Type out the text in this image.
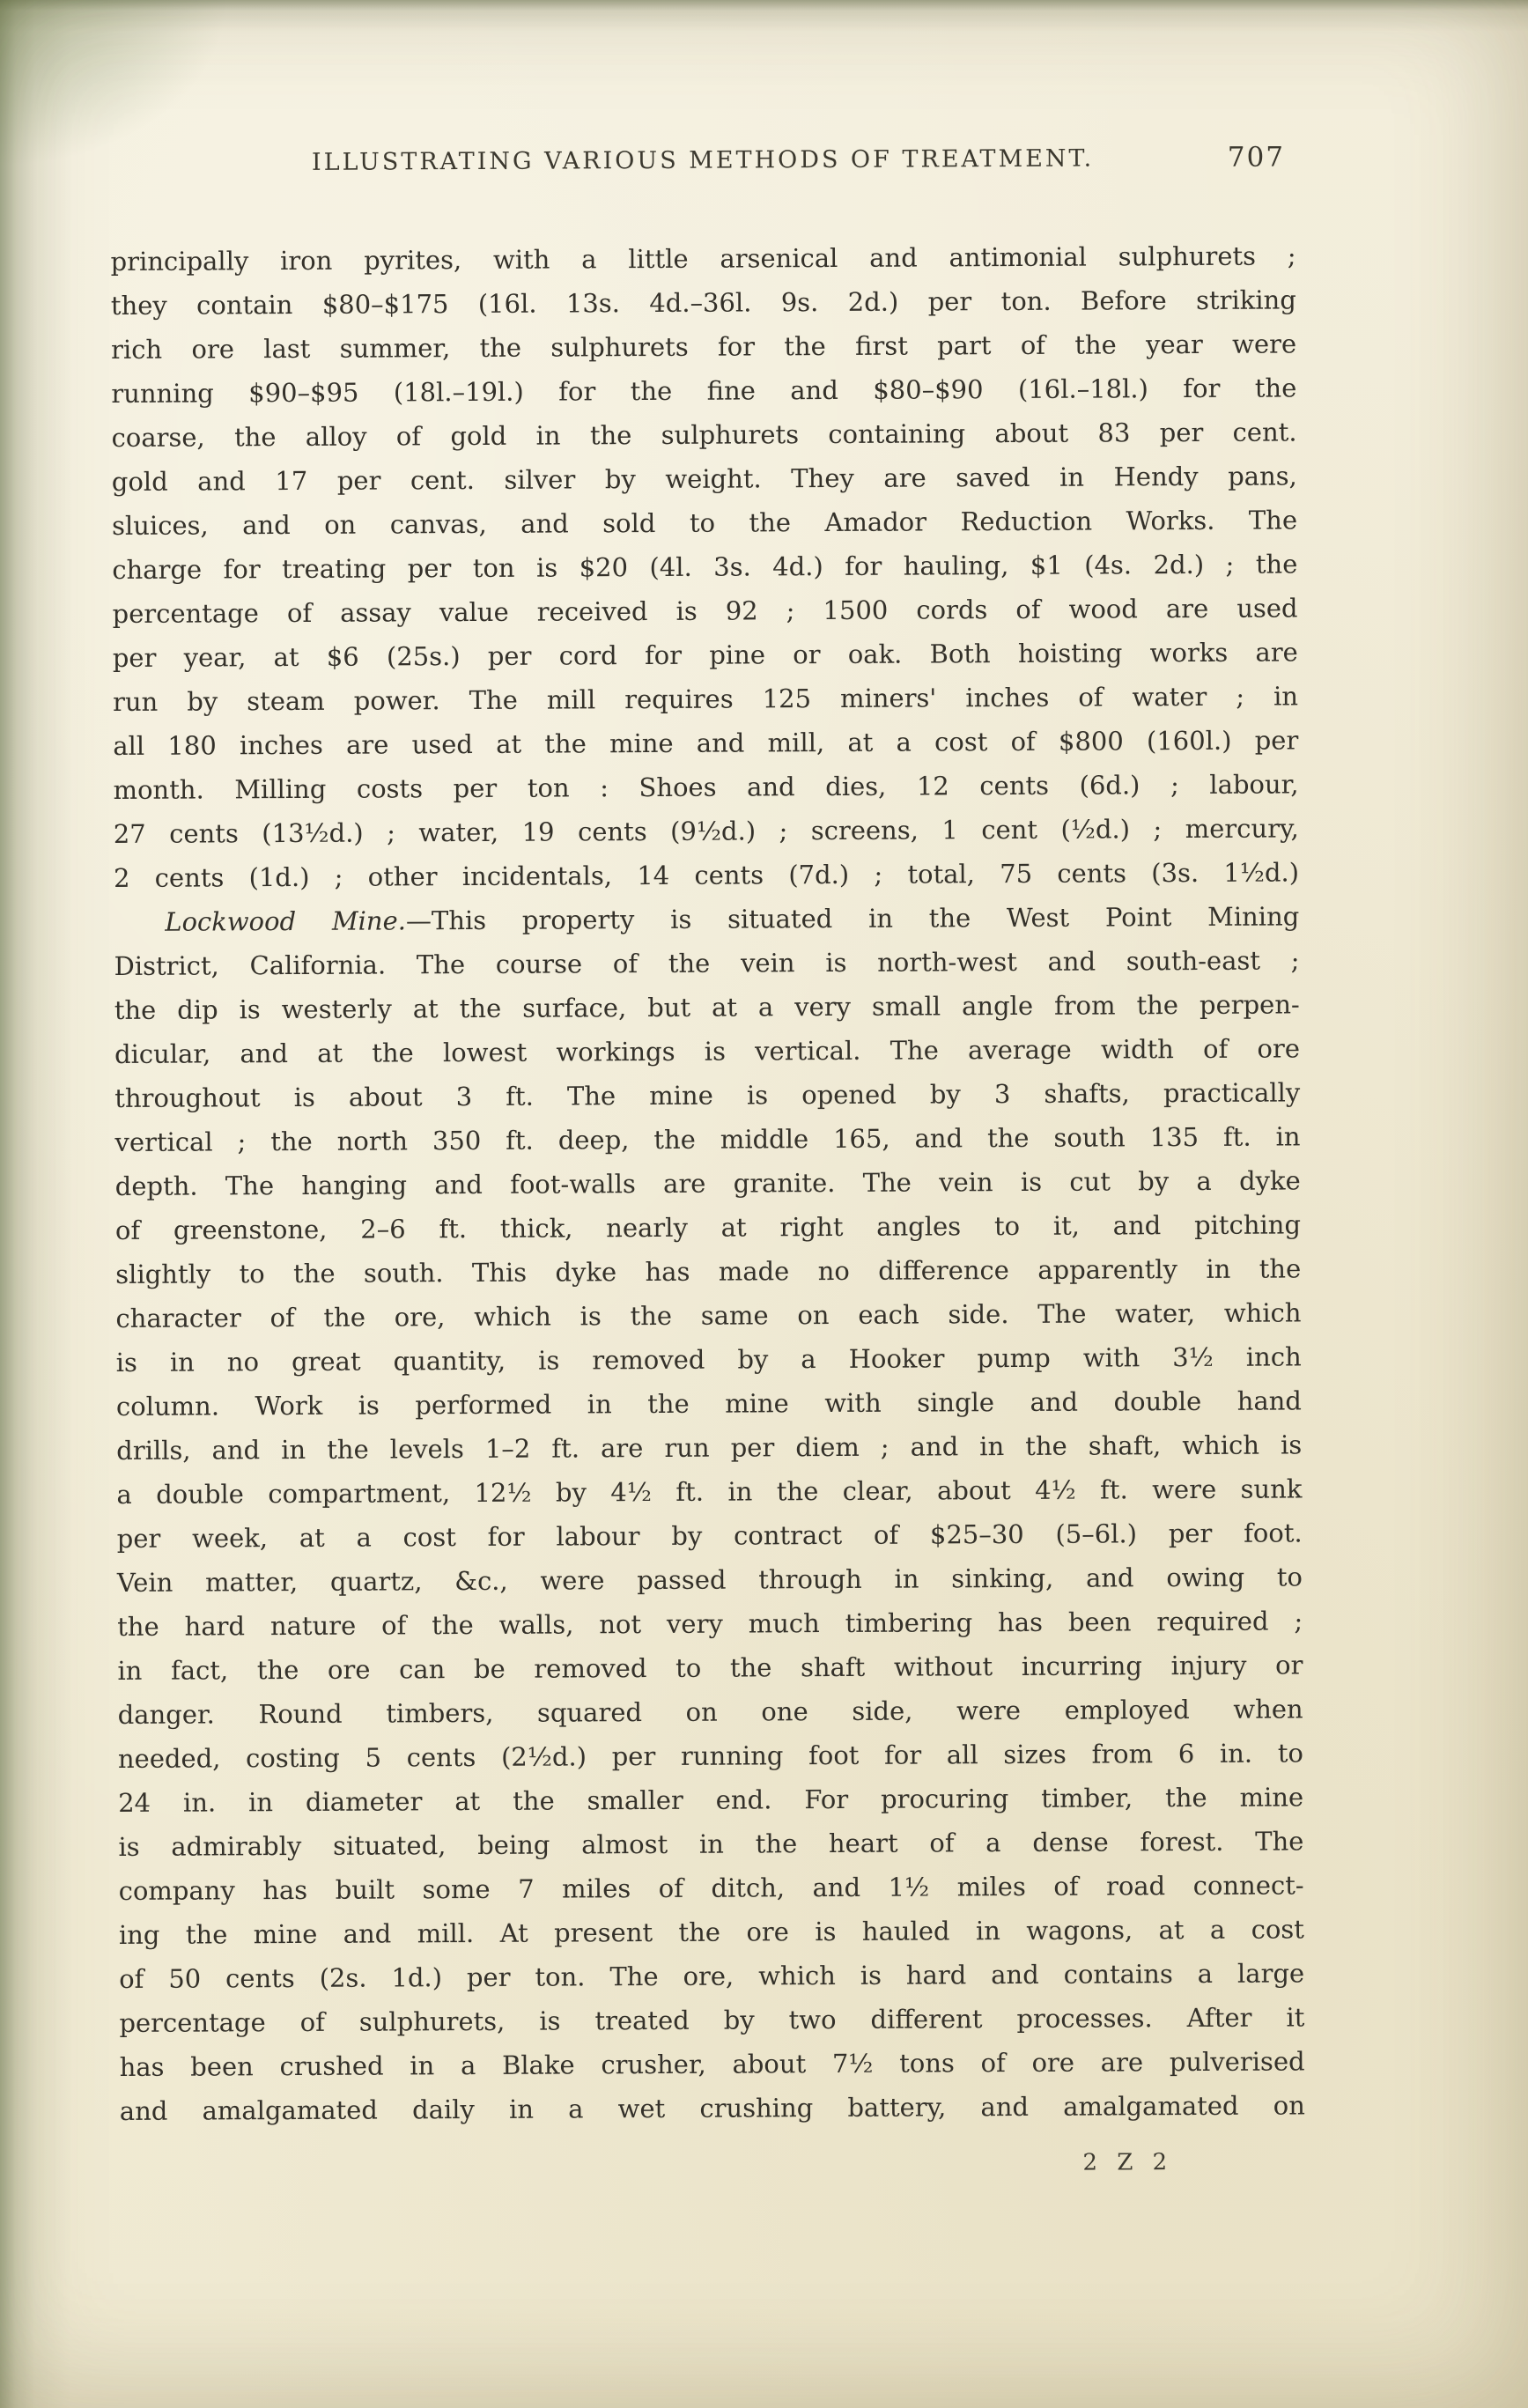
ILLUSTRATING VARIOUS METHODS OF TREATMENT.	707
principally iron pyrites, with a little arsenical and antimonial sulphurets ;
they contain $80–$175 (16l. 13s. 4d.–36l. 9s. 2d.) per ton. Before striking
rich ore last summer, the sulphurets for the first part of the year were
running $90–$95 (18l.–19l.) for the fine and $80–$90 (16l.–18l.) for the
coarse, the alloy of gold in the sulphurets containing about 83 per cent.
gold and 17 per cent. silver by weight. They are saved in Hendy pans,
sluices, and on canvas, and sold to the Amador Reduction Works. The
charge for treating per ton is $20 (4l. 3s. 4d.) for hauling, $1 (4s. 2d.) ; the
percentage of assay value received is 92 ; 1500 cords of wood are used
per year, at $6 (25s.) per cord for pine or oak. Both hoisting works are
run by steam power. The mill requires 125 miners' inches of water ; in
all 180 inches are used at the mine and mill, at a cost of $800 (160l.) per
month. Milling costs per ton : Shoes and dies, 12 cents (6d.) ; labour,
27 cents (13½d.) ; water, 19 cents (9½d.) ; screens, 1 cent (½d.) ; mercury,
2 cents (1d.) ; other incidentals, 14 cents (7d.) ; total, 75 cents (3s. 1½d.)
Lockwood Mine.—This property is situated in the West Point Mining
District, California. The course of the vein is north-west and south-east ;
the dip is westerly at the surface, but at a very small angle from the perpen-
dicular, and at the lowest workings is vertical. The average width of ore
throughout is about 3 ft. The mine is opened by 3 shafts, practically
vertical ; the north 350 ft. deep, the middle 165, and the south 135 ft. in
depth. The hanging and foot-walls are granite. The vein is cut by a dyke
of greenstone, 2–6 ft. thick, nearly at right angles to it, and pitching
slightly to the south. This dyke has made no difference apparently in the
character of the ore, which is the same on each side. The water, which
is in no great quantity, is removed by a Hooker pump with 3½ inch
column. Work is performed in the mine with single and double hand
drills, and in the levels 1–2 ft. are run per diem ; and in the shaft, which is
a double compartment, 12½ by 4½ ft. in the clear, about 4½ ft. were sunk
per week, at a cost for labour by contract of $25–30 (5–6l.) per foot.
Vein matter, quartz, &c., were passed through in sinking, and owing to
the hard nature of the walls, not very much timbering has been required ;
in fact, the ore can be removed to the shaft without incurring injury or
danger. Round timbers, squared on one side, were employed when
needed, costing 5 cents (2½d.) per running foot for all sizes from 6 in. to
24 in. in diameter at the smaller end. For procuring timber, the mine
is admirably situated, being almost in the heart of a dense forest. The
company has built some 7 miles of ditch, and 1½ miles of road connect-
ing the mine and mill. At present the ore is hauled in wagons, at a cost
of 50 cents (2s. 1d.) per ton. The ore, which is hard and contains a large
percentage of sulphurets, is treated by two different processes. After it
has been crushed in a Blake crusher, about 7½ tons of ore are pulverised
and amalgamated daily in a wet crushing battery, and amalgamated on
2 Z 2
